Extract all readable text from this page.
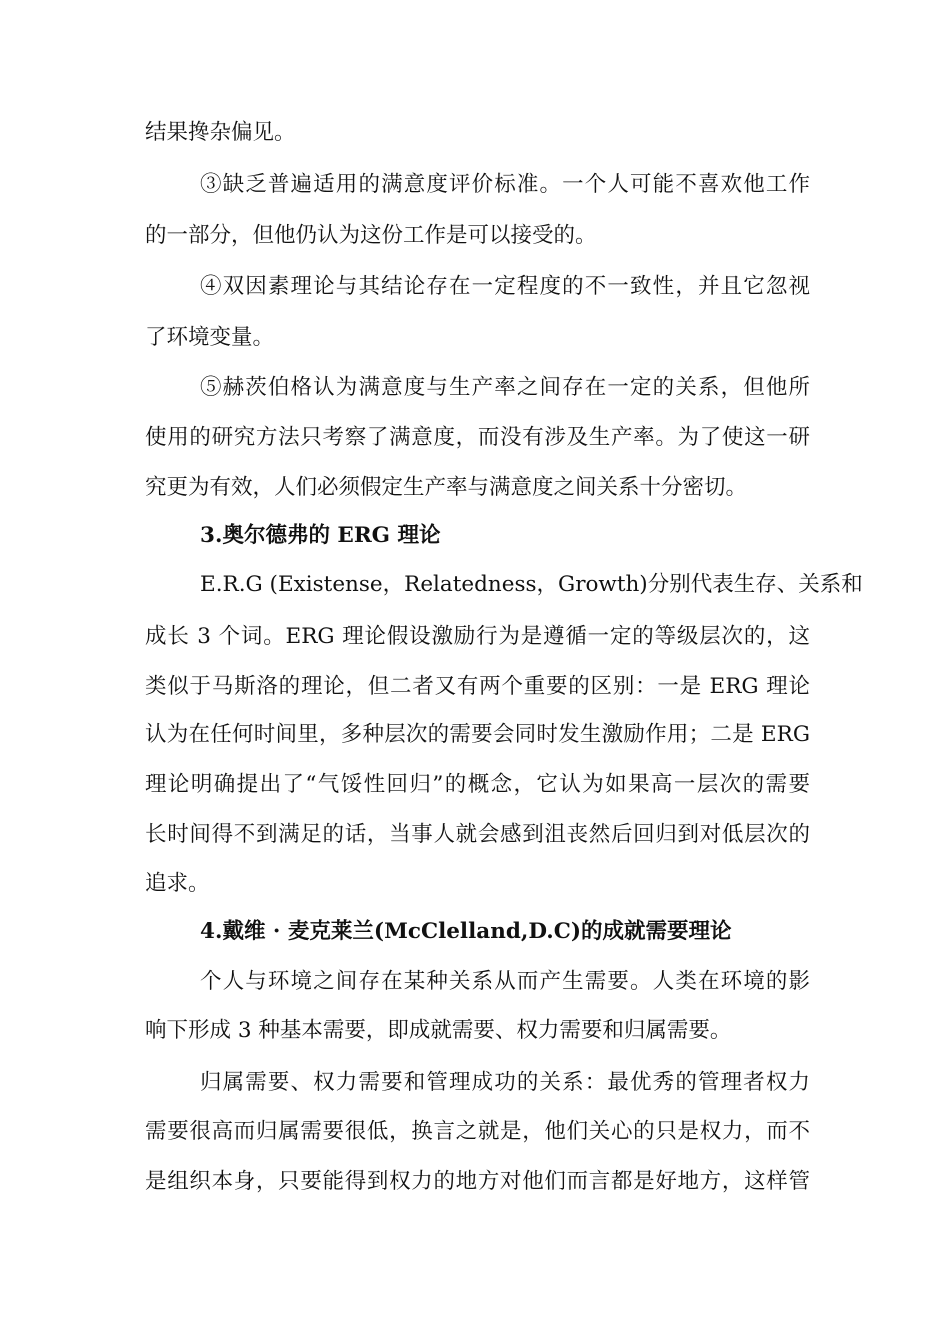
结果搀杂偏见。
③缺乏普遍适用的满意度评价标准。一个人可能不喜欢他工作
的一部分，但他仍认为这份工作是可以接受的。
④双因素理论与其结论存在一定程度的不一致性，并且它忽视
了环境变量。
⑤赫茨伯格认为满意度与生产率之间存在一定的关系，但他所
使用的研究方法只考察了满意度，而没有涉及生产率。为了使这一研
究更为有效，人们必须假定生产率与满意度之间关系十分密切。
3.奥尔德弗的 ERG 理论
E.R.G (Existense，Relatedness，Growth)分别代表生存、关系和
成长 3 个词。ERG 理论假设激励行为是遵循一定的等级层次的，这
类似于马斯洛的理论，但二者又有两个重要的区别：一是 ERG 理论
认为在任何时间里，多种层次的需要会同时发生激励作用；二是 ERG
理论明确提出了“气馁性回归”的概念，它认为如果高一层次的需要
长时间得不到满足的话，当事人就会感到沮丧然后回归到对低层次的
追求。
4.戴维 · 麦克莱兰(McClelland,D.C)的成就需要理论
个人与环境之间存在某种关系从而产生需要。人类在环境的影
响下形成 3 种基本需要，即成就需要、权力需要和归属需要。
归属需要、权力需要和管理成功的关系：最优秀的管理者权力
需要很高而归属需要很低，换言之就是，他们关心的只是权力，而不
是组织本身，只要能得到权力的地方对他们而言都是好地方，这样管
